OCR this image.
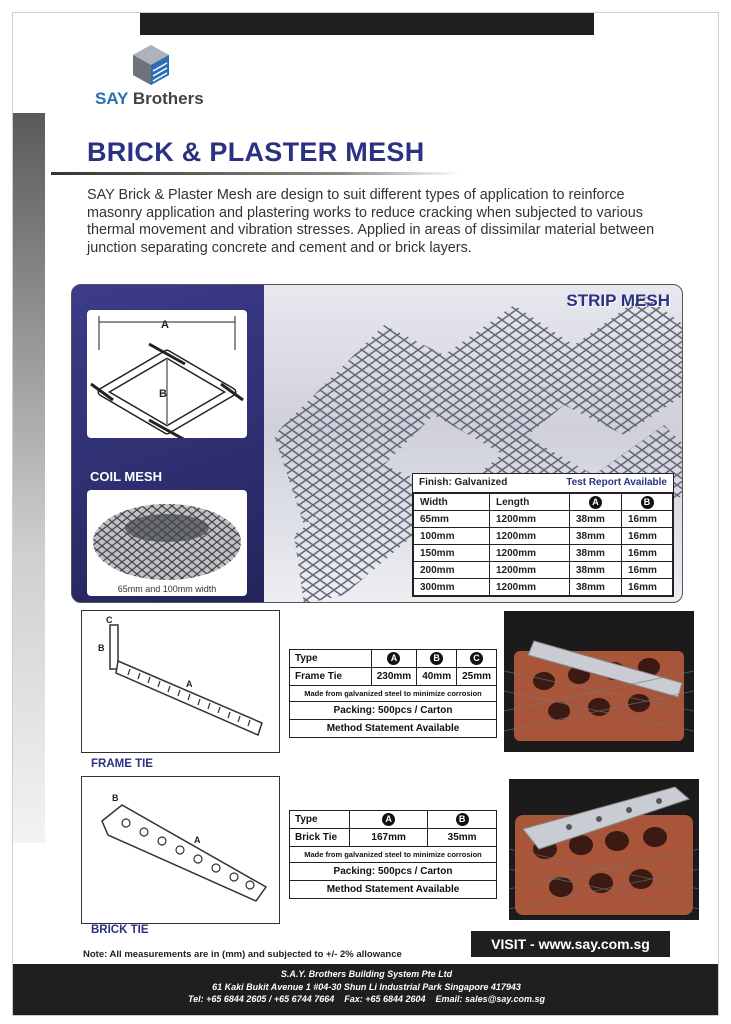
SAY Brothers
BRICK & PLASTER MESH

SAY Brick & Plaster Mesh are design to suit different types of application to reinforce masonry application and plastering works to reduce cracking when subjected to various thermal movement and vibration stresses. Applied in areas of dissimilar material between junction separating concrete and cement and or brick layers.

STRIP MESH
A
B
COIL MESH
65mm and 100mm width
Finish: Galvanized	Test Report Available
Width	Length	A	B
65mm	1200mm	38mm	16mm
100mm	1200mm	38mm	16mm
150mm	1200mm	38mm	16mm
200mm	1200mm	38mm	16mm
300mm	1200mm	38mm	16mm
C
B
A
FRAME TIE
Type	A	B	C
Frame Tie	230mm	40mm	25mm
Made from galvanized steel to minimize corrosion			
Packing: 500pcs / Carton			
Method Statement Available			
B
A
BRICK TIE
Type	A	B
Brick Tie	167mm	35mm
Made from galvanized steel to minimize corrosion		
Packing: 500pcs / Carton		
Method Statement Available		
Note: All measurements are in (mm) and subjected to +/- 2% allowance
VISIT - www.say.com.sg
S.A.Y. Brothers Building System Pte Ltd
61 Kaki Bukit Avenue 1 #04-30 Shun Li Industrial Park Singapore 417943
Tel: +65 6844 2605 / +65 6744 7664    Fax: +65 6844 2604    Email: sales@say.com.sg
